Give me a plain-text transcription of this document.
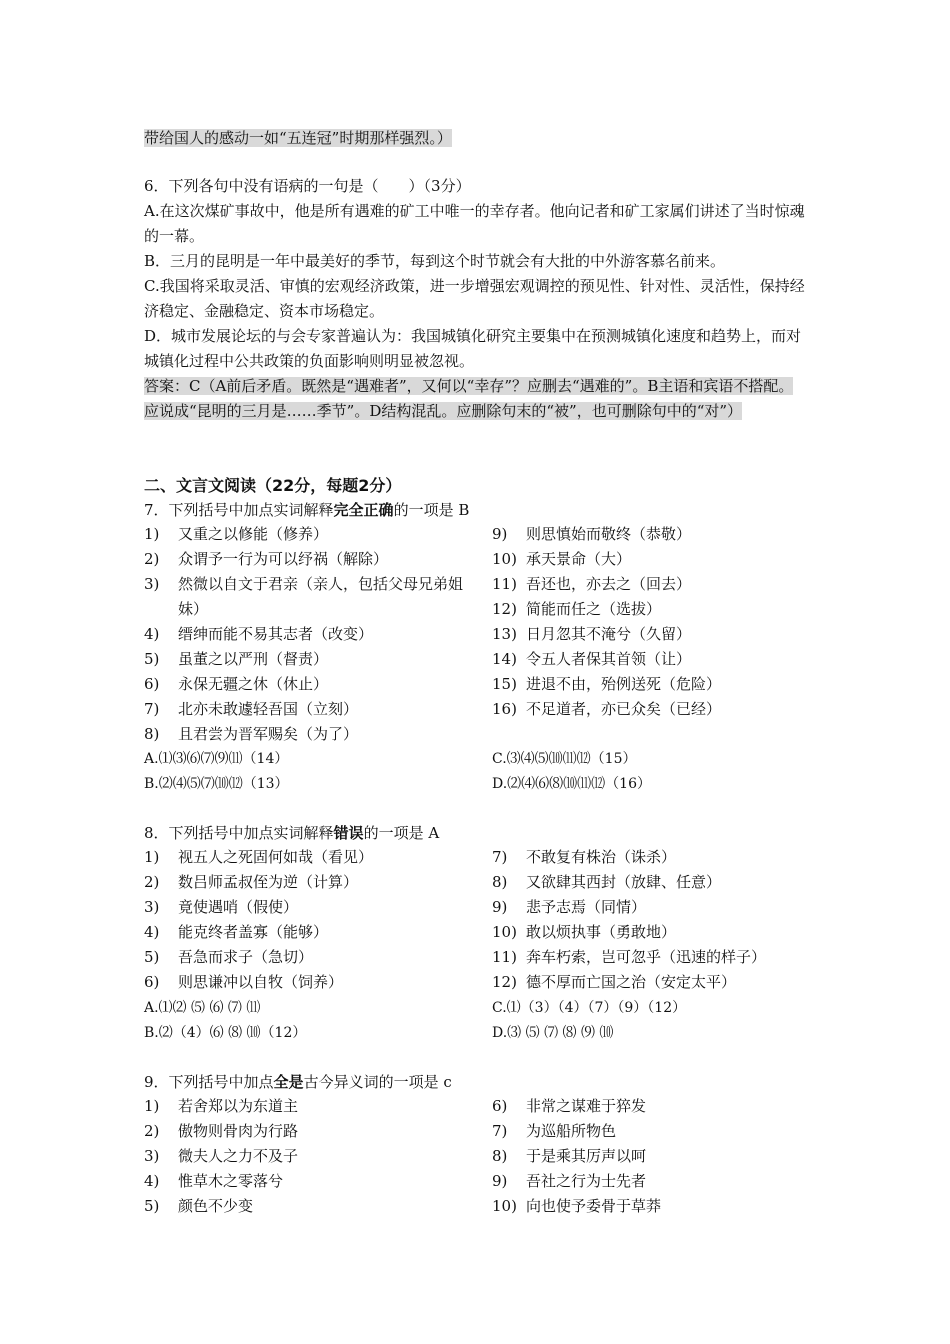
带给国人的感动一如“五连冠”时期那样强烈。）
6．下列各句中没有语病的一句是（　　）（3分）
A.在这次煤矿事故中，他是所有遇难的矿工中唯一的幸存者。他向记者和矿工家属们讲述了当时惊魂的一幕。
B．三月的昆明是一年中最美好的季节，每到这个时节就会有大批的中外游客慕名前来。
C.我国将采取灵活、审慎的宏观经济政策，进一步增强宏观调控的预见性、针对性、灵活性，保持经济稳定、金融稳定、资本市场稳定。
D．城市发展论坛的与会专家普遍认为：我国城镇化研究主要集中在预测城镇化速度和趋势上，而对城镇化过程中公共政策的负面影响则明显被忽视。
答案：C（A前后矛盾。既然是“遇难者”，又何以“幸存”？应删去“遇难的”。B主语和宾语不搭配。应说成“昆明的三月是……季节”。D结构混乱。应删除句末的“被”，也可删除句中的“对”）
二、文言文阅读（22分，每题2分）
7．下列括号中加点实词解释完全正确的一项是 B
1) 又重之以修能（修养）
2) 众谓予一行为可以纾祸（解除）
3) 然微以自文于君亲（亲人，包括父母兄弟姐妹）
4) 缙绅而能不易其志者（改变）
5) 虽董之以严刑（督责）
6) 永保无疆之休（休止）
7) 北亦未敢遽轻吾国（立刻）
8) 且君尝为晋军赐矣（为了）
9) 则思慎始而敬终（恭敬）
10) 承天景命（大）
11) 吾还也，亦去之（回去）
12) 简能而任之（选拔）
13) 日月忽其不淹兮（久留）
14) 令五人者保其首领（让）
15) 进退不由，殆例送死（危险）
16) 不足道者，亦已众矣（已经）
A.⑴⑶⑹⑺⑼⑾（14）
B.⑵⑷⑸⑺⑽⑿（13）
C.⑶⑷⑸⑽⑾⑿（15）
D.⑵⑷⑹⑻⑽⑾⑿（16）
8．下列括号中加点实词解释错误的一项是 A
1) 视五人之死固何如哉（看见）
2) 数吕师孟叔侄为逆（计算）
3) 竟使遇哨（假使）
4) 能克终者盖寡（能够）
5) 吾急而求子（急切）
6) 则思谦冲以自牧（饲养）
7) 不敢复有株治（诛杀）
8) 又欲肆其西封（放肆、任意）
9) 悲予志焉（同情）
10) 敢以烦执事（勇敢地）
11) 奔车朽索，岂可忽乎（迅速的样子）
12) 德不厚而亡国之治（安定太平）
A.⑴⑵ ⑸ ⑹ ⑺ ⑾
B.⑵（4）⑹ ⑻ ⑽（12）
C.⑴（3）（4）（7）（9）（12）
D.⑶ ⑸ ⑺ ⑻ ⑼ ⑽
9．下列括号中加点全是古今异义词的一项是 c
1) 若舍郑以为东道主
2) 傲物则骨肉为行路
3) 微夫人之力不及子
4) 惟草木之零落兮
5) 颜色不少变
6) 非常之谋难于猝发
7) 为巡船所物色
8) 于是乘其厉声以呵
9) 吾社之行为士先者
10) 向也使予委骨于草莽
